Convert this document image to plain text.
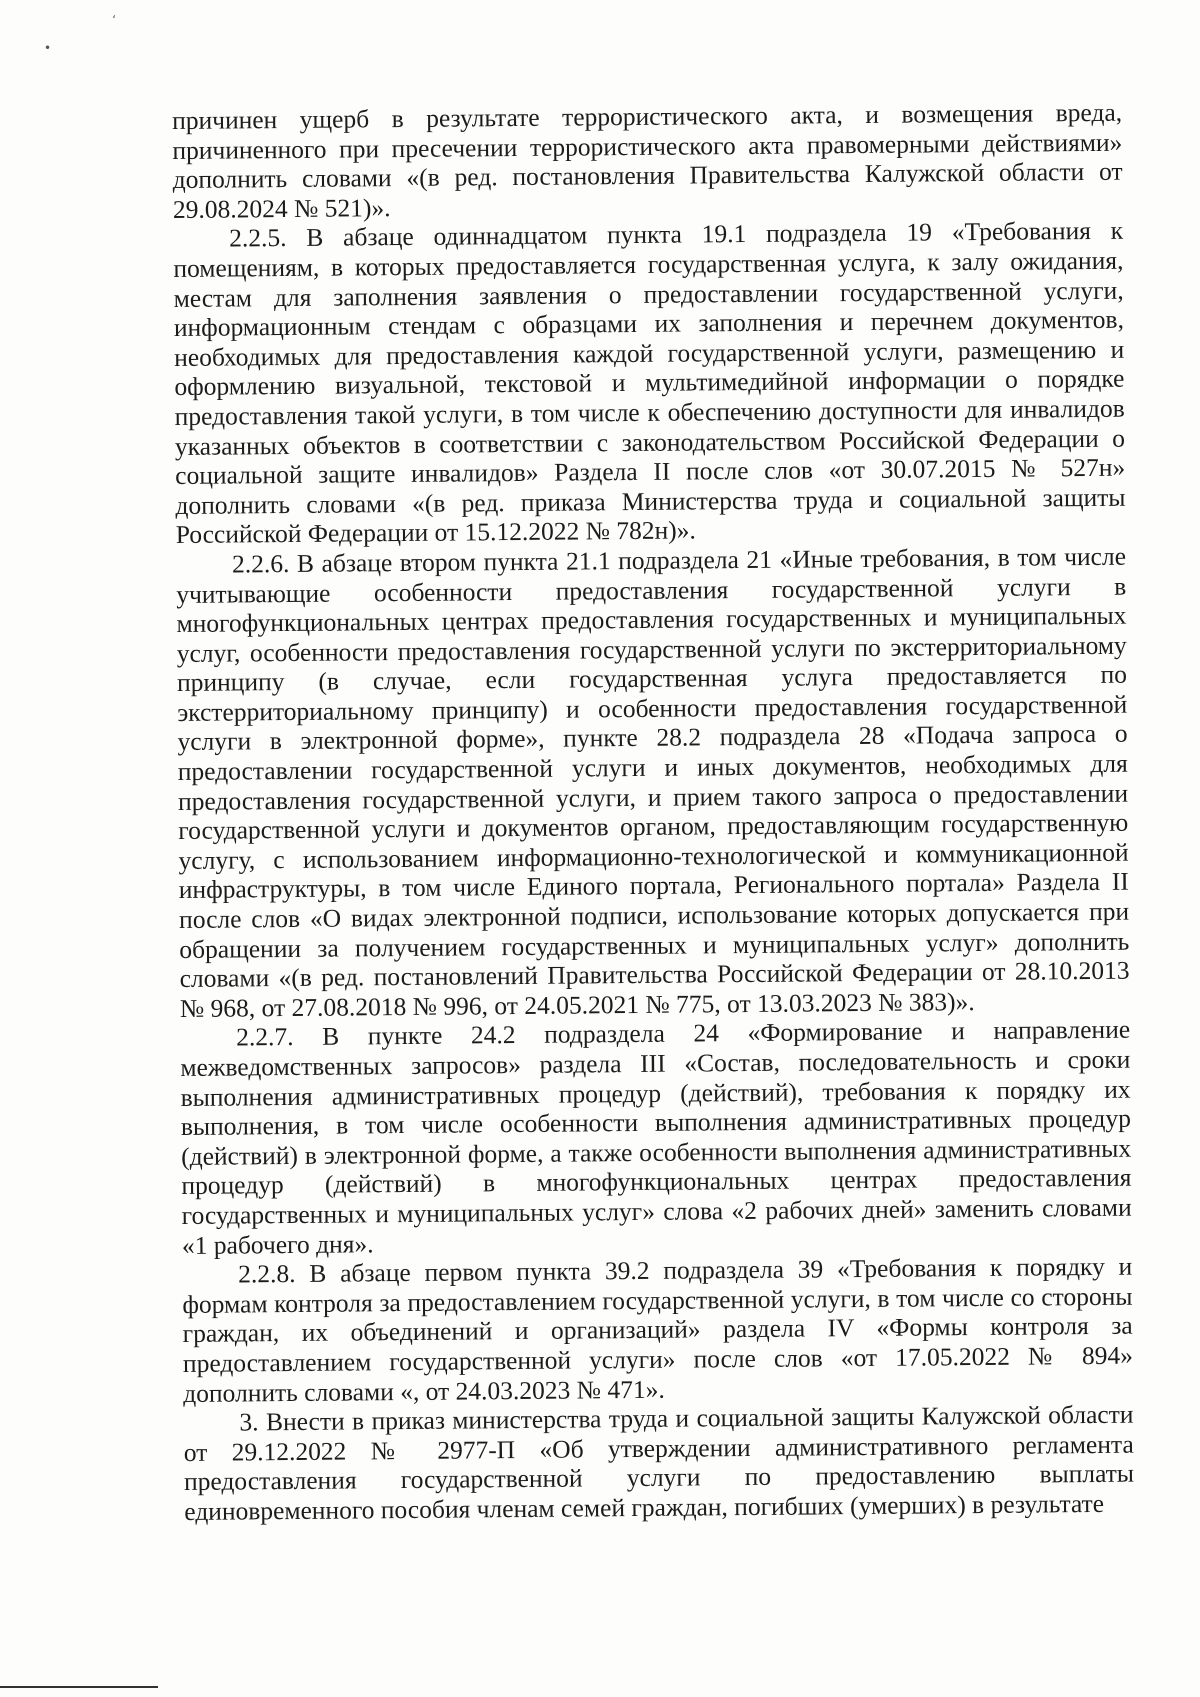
‘
•

причинен ущерб в результате террористического акта, и возмещения вреда, причиненного при пресечении террористического акта правомерными действиями» дополнить словами «(в ред. постановления Правительства Калужской области от 29.08.2024 № 521)».

2.2.5. В абзаце одиннадцатом пункта 19.1 подраздела 19 «Требования к помещениям, в которых предоставляется государственная услуга, к залу ожидания, местам для заполнения заявления о предоставлении государственной услуги, информационным стендам с образцами их заполнения и перечнем документов, необходимых для предоставления каждой государственной услуги, размещению и оформлению визуальной, текстовой и мультимедийной информации о порядке предоставления такой услуги, в том числе к обеспечению доступности для инвалидов указанных объектов в соответствии с законодательством Российской Федерации о социальной защите инвалидов» Раздела II после слов «от 30.07.2015 № 527н» дополнить словами «(в ред. приказа Министерства труда и социальной защиты Российской Федерации от 15.12.2022 № 782н)».

2.2.6. В абзаце втором пункта 21.1 подраздела 21 «Иные требования, в том числе учитывающие особенности предоставления государственной услуги в многофункциональных центрах предоставления государственных и муниципальных услуг, особенности предоставления государственной услуги по экстерриториальному принципу (в случае, если государственная услуга предоставляется по экстерриториальному принципу) и особенности предоставления государственной услуги в электронной форме», пункте 28.2 подраздела 28 «Подача запроса о предоставлении государственной услуги и иных документов, необходимых для предоставления государственной услуги, и прием такого запроса о предоставлении государственной услуги и документов органом, предоставляющим государственную услугу, с использованием информационно-технологической и коммуникационной инфраструктуры, в том числе Единого портала, Регионального портала» Раздела II после слов «О видах электронной подписи, использование которых допускается при обращении за получением государственных и муниципальных услуг» дополнить словами «(в ред. постановлений Правительства Российской Федерации от 28.10.2013 № 968, от 27.08.2018 № 996, от 24.05.2021 № 775, от 13.03.2023 № 383)».

2.2.7. В пункте 24.2 подраздела 24 «Формирование и направление межведомственных запросов» раздела III «Состав, последовательность и сроки выполнения административных процедур (действий), требования к порядку их выполнения, в том числе особенности выполнения административных процедур (действий) в электронной форме, а также особенности выполнения административных процедур (действий) в многофункциональных центрах предоставления государственных и муниципальных услуг» слова «2 рабочих дней» заменить словами «1 рабочего дня».

2.2.8. В абзаце первом пункта 39.2 подраздела 39 «Требования к порядку и формам контроля за предоставлением государственной услуги, в том числе со стороны граждан, их объединений и организаций» раздела IV «Формы контроля за предоставлением государственной услуги» после слов «от 17.05.2022 № 894» дополнить словами «, от 24.03.2023 № 471».

3. Внести в приказ министерства труда и социальной защиты Калужской области от 29.12.2022 № 2977-П «Об утверждении административного регламента предоставления государственной услуги по предоставлению выплаты единовременного пособия членам семей граждан, погибших (умерших) в результате
